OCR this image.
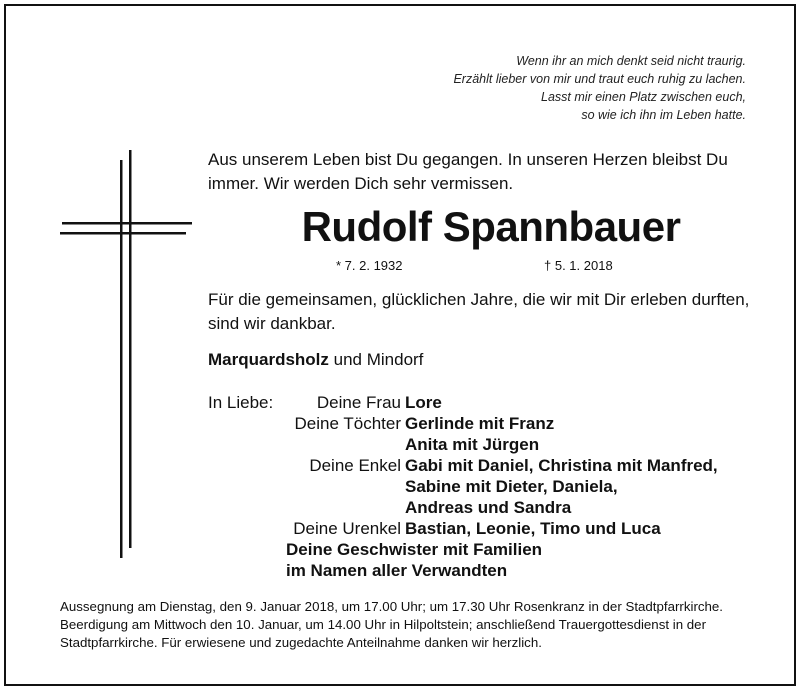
Wenn ihr an mich denkt seid nicht traurig.
Erzählt lieber von mir und traut euch ruhig zu lachen.
Lasst mir einen Platz zwischen euch,
so wie ich ihn im Leben hatte.
Aus unserem Leben bist Du gegangen. In unseren Herzen bleibst Du immer. Wir werden Dich sehr vermissen.
Rudolf Spannbauer
* 7. 2. 1932	† 5. 1. 2018
Für die gemeinsamen, glücklichen Jahre, die wir mit Dir erleben durften, sind wir dankbar.
Marquardsholz und Mindorf
In Liebe:	Deine Frau Lore
Deine Töchter Gerlinde mit Franz
Anita mit Jürgen
Deine Enkel Gabi mit Daniel, Christina mit Manfred,
Sabine mit Dieter, Daniela,
Andreas und Sandra
Deine Urenkel Bastian, Leonie, Timo und Luca
Deine Geschwister mit Familien
im Namen aller Verwandten
Aussegnung am Dienstag, den 9. Januar 2018, um 17.00 Uhr; um 17.30 Uhr Rosenkranz in der Stadtpfarrkirche.
Beerdigung am Mittwoch den 10. Januar, um 14.00 Uhr in Hilpoltstein; anschließend Trauergottesdienst in der
Stadtpfarrkirche. Für erwiesene und zugedachte Anteilnahme danken wir herzlich.
